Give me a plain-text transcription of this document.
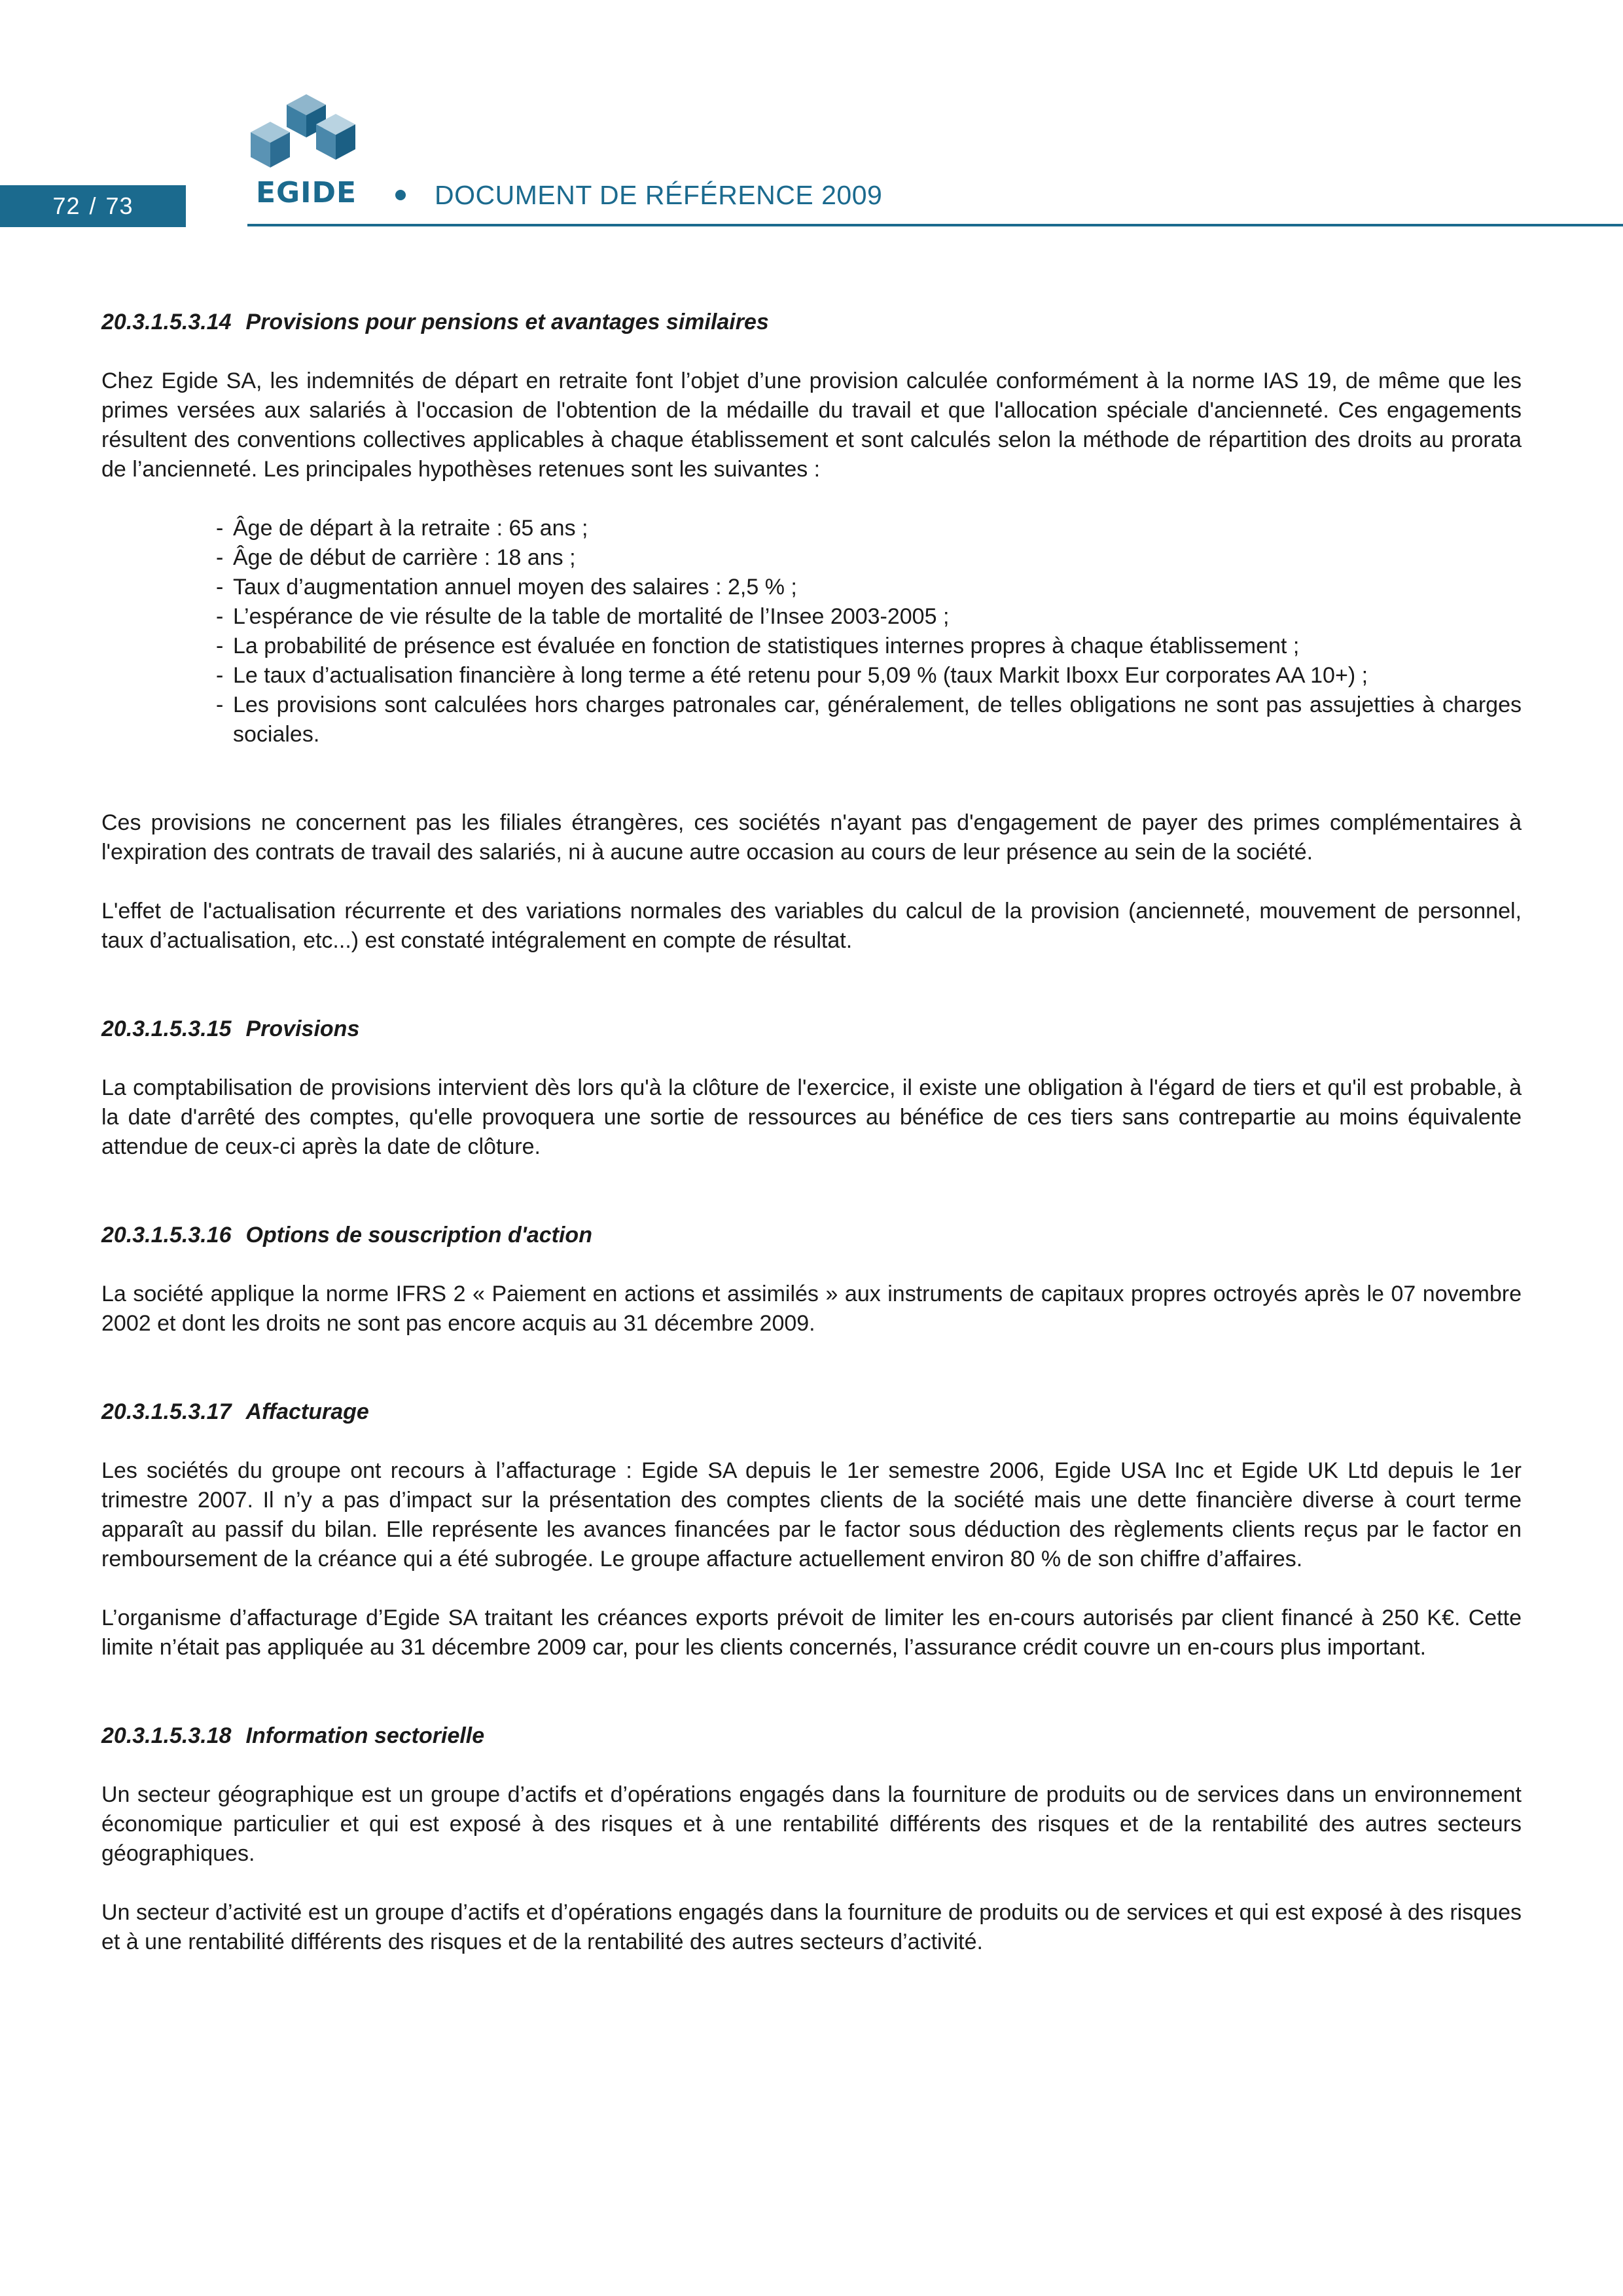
72 / 73	EGIDE	DOCUMENT DE RÉFÉRENCE 2009
20.3.1.5.3.14 Provisions pour pensions et avantages similaires

Chez Egide SA, les indemnités de départ en retraite font l’objet d’une provision calculée conformément à la norme IAS 19, de même que les primes versées aux salariés à l'occasion de l'obtention de la médaille du travail et que l'allocation spéciale d'ancienneté. Ces engagements résultent des conventions collectives applicables à chaque établissement et sont calculés selon la méthode de répartition des droits au prorata de l’ancienneté. Les principales hypothèses retenues sont les suivantes :

- Âge de départ à la retraite : 65 ans ;
- Âge de début de carrière : 18 ans ;
- Taux d’augmentation annuel moyen des salaires : 2,5 % ;
- L’espérance de vie résulte de la table de mortalité de l’Insee 2003-2005 ;
- La probabilité de présence est évaluée en fonction de statistiques internes propres à chaque établissement ;
- Le taux d’actualisation financière à long terme a été retenu pour 5,09 % (taux Markit Iboxx Eur corporates AA 10+) ;
- Les provisions sont calculées hors charges patronales car, généralement, de telles obligations ne sont pas assujetties à charges sociales.

Ces provisions ne concernent pas les filiales étrangères, ces sociétés n'ayant pas d'engagement de payer des primes complémentaires à l'expiration des contrats de travail des salariés, ni à aucune autre occasion au cours de leur présence au sein de la société.

L'effet de l'actualisation récurrente et des variations normales des variables du calcul de la provision (ancienneté, mouvement de personnel, taux d’actualisation, etc...) est constaté intégralement en compte de résultat.

20.3.1.5.3.15 Provisions

La comptabilisation de provisions intervient dès lors qu'à la clôture de l'exercice, il existe une obligation à l'égard de tiers et qu'il est probable, à la date d'arrêté des comptes, qu'elle provoquera une sortie de ressources au bénéfice de ces tiers sans contrepartie au moins équivalente attendue de ceux-ci après la date de clôture.

20.3.1.5.3.16 Options de souscription d'action

La société applique la norme IFRS 2 « Paiement en actions et assimilés » aux instruments de capitaux propres octroyés après le 07 novembre 2002 et dont les droits ne sont pas encore acquis au 31 décembre 2009.

20.3.1.5.3.17 Affacturage

Les sociétés du groupe ont recours à l’affacturage : Egide SA depuis le 1er semestre 2006, Egide USA Inc et Egide UK Ltd depuis le 1er trimestre 2007. Il n’y a pas d’impact sur la présentation des comptes clients de la société mais une dette financière diverse à court terme apparaît au passif du bilan. Elle représente les avances financées par le factor sous déduction des règlements clients reçus par le factor en remboursement de la créance qui a été subrogée. Le groupe affacture actuellement environ 80 % de son chiffre d’affaires.

L’organisme d’affacturage d’Egide SA traitant les créances exports prévoit de limiter les en-cours autorisés par client financé à 250 K€. Cette limite n’était pas appliquée au 31 décembre 2009 car, pour les clients concernés, l’assurance crédit couvre un en-cours plus important.

20.3.1.5.3.18 Information sectorielle

Un secteur géographique est un groupe d’actifs et d’opérations engagés dans la fourniture de produits ou de services dans un environnement économique particulier et qui est exposé à des risques et à une rentabilité différents des risques et de la rentabilité des autres secteurs géographiques.

Un secteur d’activité est un groupe d’actifs et d’opérations engagés dans la fourniture de produits ou de services et qui est exposé à des risques et à une rentabilité différents des risques et de la rentabilité des autres secteurs d’activité.
